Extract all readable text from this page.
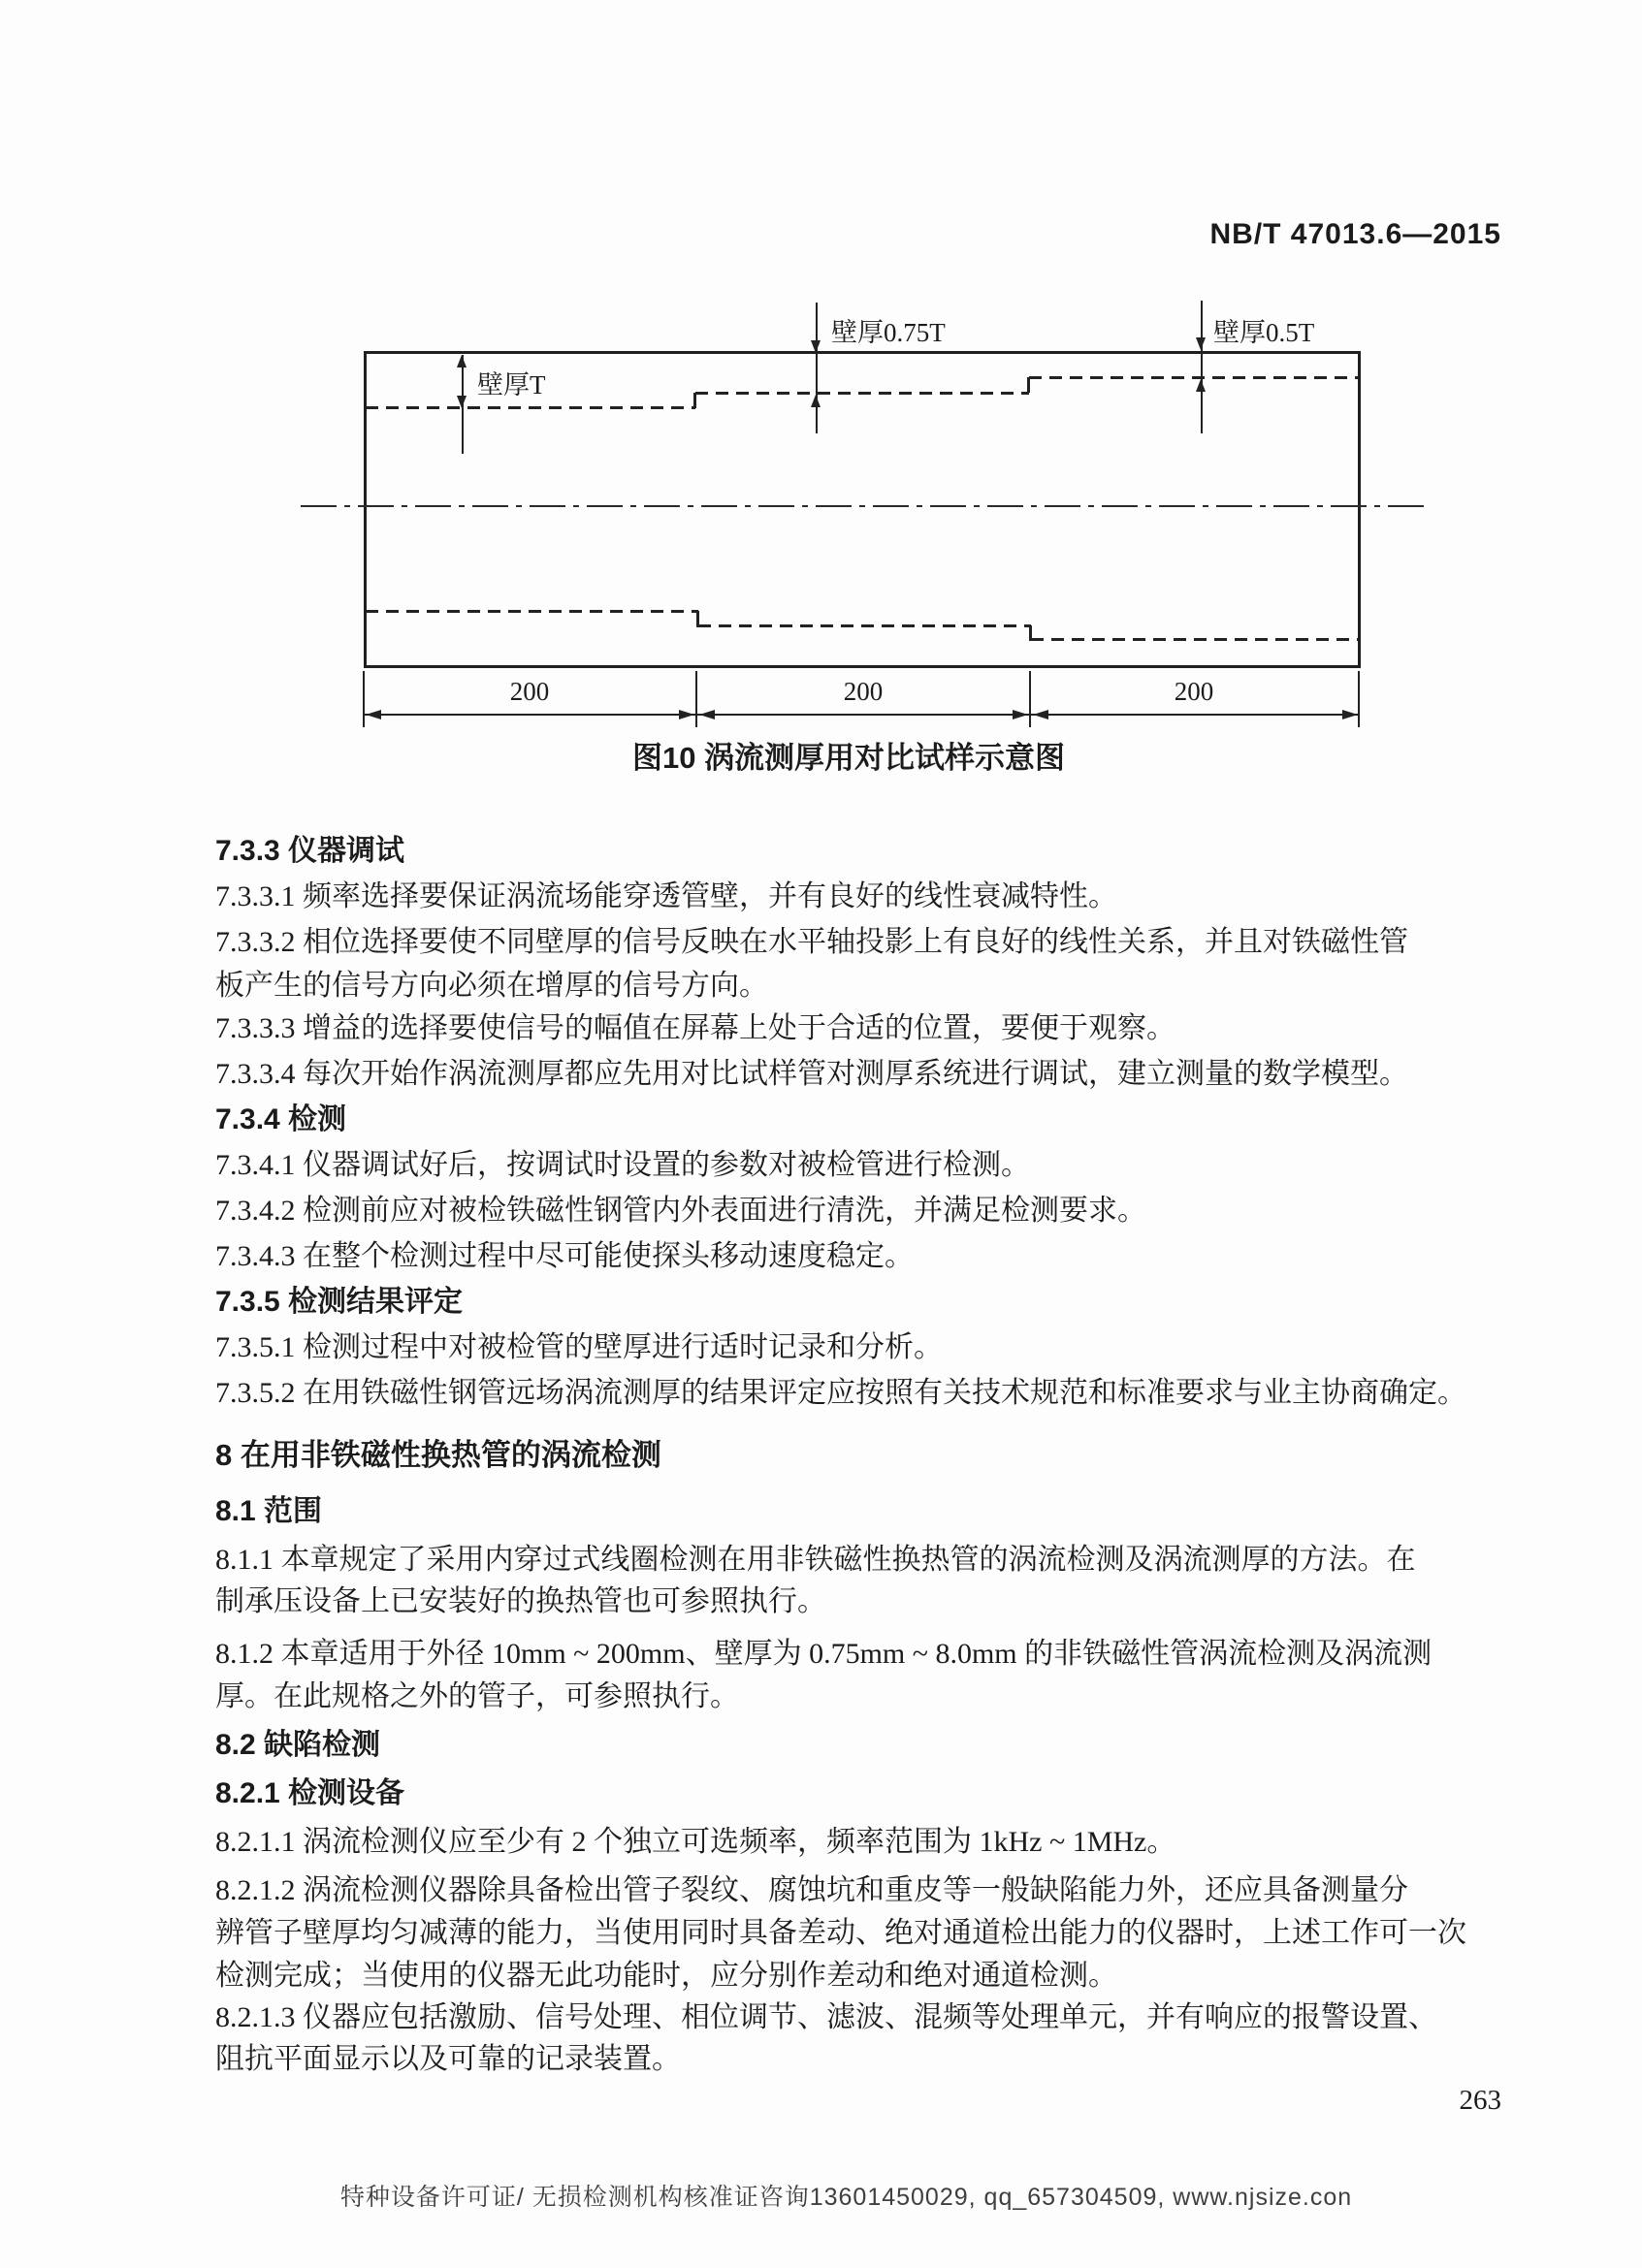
NB/T 47013.6—2015
壁厚T
壁厚0.75T	壁厚0.5T
200	200	200
图10 涡流测厚用对比试样示意图
7.3.3 仪器调试
7.3.3.1 频率选择要保证涡流场能穿透管壁，并有良好的线性衰减特性。
7.3.3.2 相位选择要使不同壁厚的信号反映在水平轴投影上有良好的线性关系，并且对铁磁性管
板产生的信号方向必须在增厚的信号方向。
7.3.3.3 增益的选择要使信号的幅值在屏幕上处于合适的位置，要便于观察。
7.3.3.4 每次开始作涡流测厚都应先用对比试样管对测厚系统进行调试，建立测量的数学模型。
7.3.4 检测
7.3.4.1 仪器调试好后，按调试时设置的参数对被检管进行检测。
7.3.4.2 检测前应对被检铁磁性钢管内外表面进行清洗，并满足检测要求。
7.3.4.3 在整个检测过程中尽可能使探头移动速度稳定。
7.3.5 检测结果评定
7.3.5.1 检测过程中对被检管的壁厚进行适时记录和分析。
7.3.5.2 在用铁磁性钢管远场涡流测厚的结果评定应按照有关技术规范和标准要求与业主协商确定。
8 在用非铁磁性换热管的涡流检测
8.1 范围
8.1.1 本章规定了采用内穿过式线圈检测在用非铁磁性换热管的涡流检测及涡流测厚的方法。在
制承压设备上已安装好的换热管也可参照执行。
8.1.2 本章适用于外径 10mm ~ 200mm、壁厚为 0.75mm ~ 8.0mm 的非铁磁性管涡流检测及涡流测
厚。在此规格之外的管子，可参照执行。
8.2 缺陷检测
8.2.1 检测设备
8.2.1.1 涡流检测仪应至少有 2 个独立可选频率，频率范围为 1kHz ~ 1MHz。
8.2.1.2 涡流检测仪器除具备检出管子裂纹、腐蚀坑和重皮等一般缺陷能力外，还应具备测量分
辨管子壁厚均匀减薄的能力，当使用同时具备差动、绝对通道检出能力的仪器时，上述工作可一次
检测完成；当使用的仪器无此功能时，应分别作差动和绝对通道检测。
8.2.1.3 仪器应包括激励、信号处理、相位调节、滤波、混频等处理单元，并有响应的报警设置、
阻抗平面显示以及可靠的记录装置。
263
特种设备许可证/ 无损检测机构核准证咨询13601450029, qq_657304509, www.njsize.con
